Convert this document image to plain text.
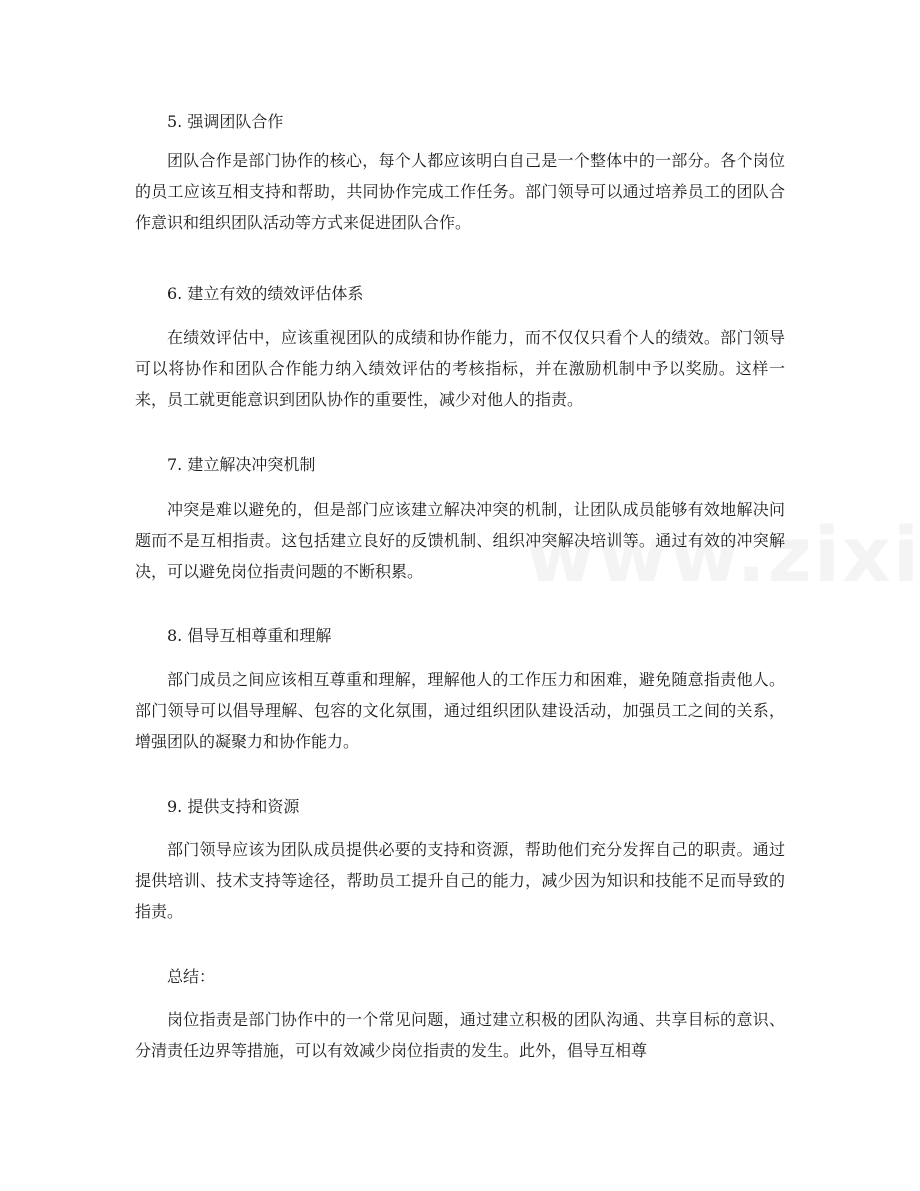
5. 强调团队合作
团队合作是部门协作的核心，每个人都应该明白自己是一个整体中的一部分。各个岗位的员工应该互相支持和帮助，共同协作完成工作任务。部门领导可以通过培养员工的团队合作意识和组织团队活动等方式来促进团队合作。
6. 建立有效的绩效评估体系
在绩效评估中，应该重视团队的成绩和协作能力，而不仅仅只看个人的绩效。部门领导可以将协作和团队合作能力纳入绩效评估的考核指标，并在激励机制中予以奖励。这样一来，员工就更能意识到团队协作的重要性，减少对他人的指责。
7. 建立解决冲突机制
冲突是难以避免的，但是部门应该建立解决冲突的机制，让团队成员能够有效地解决问题而不是互相指责。这包括建立良好的反馈机制、组织冲突解决培训等。通过有效的冲突解决，可以避免岗位指责问题的不断积累。
8. 倡导互相尊重和理解
部门成员之间应该相互尊重和理解，理解他人的工作压力和困难，避免随意指责他人。部门领导可以倡导理解、包容的文化氛围，通过组织团队建设活动，加强员工之间的关系，增强团队的凝聚力和协作能力。
9. 提供支持和资源
部门领导应该为团队成员提供必要的支持和资源，帮助他们充分发挥自己的职责。通过提供培训、技术支持等途径，帮助员工提升自己的能力，减少因为知识和技能不足而导致的指责。
总结：
岗位指责是部门协作中的一个常见问题，通过建立积极的团队沟通、共享目标的意识、分清责任边界等措施，可以有效减少岗位指责的发生。此外，倡导互相尊
